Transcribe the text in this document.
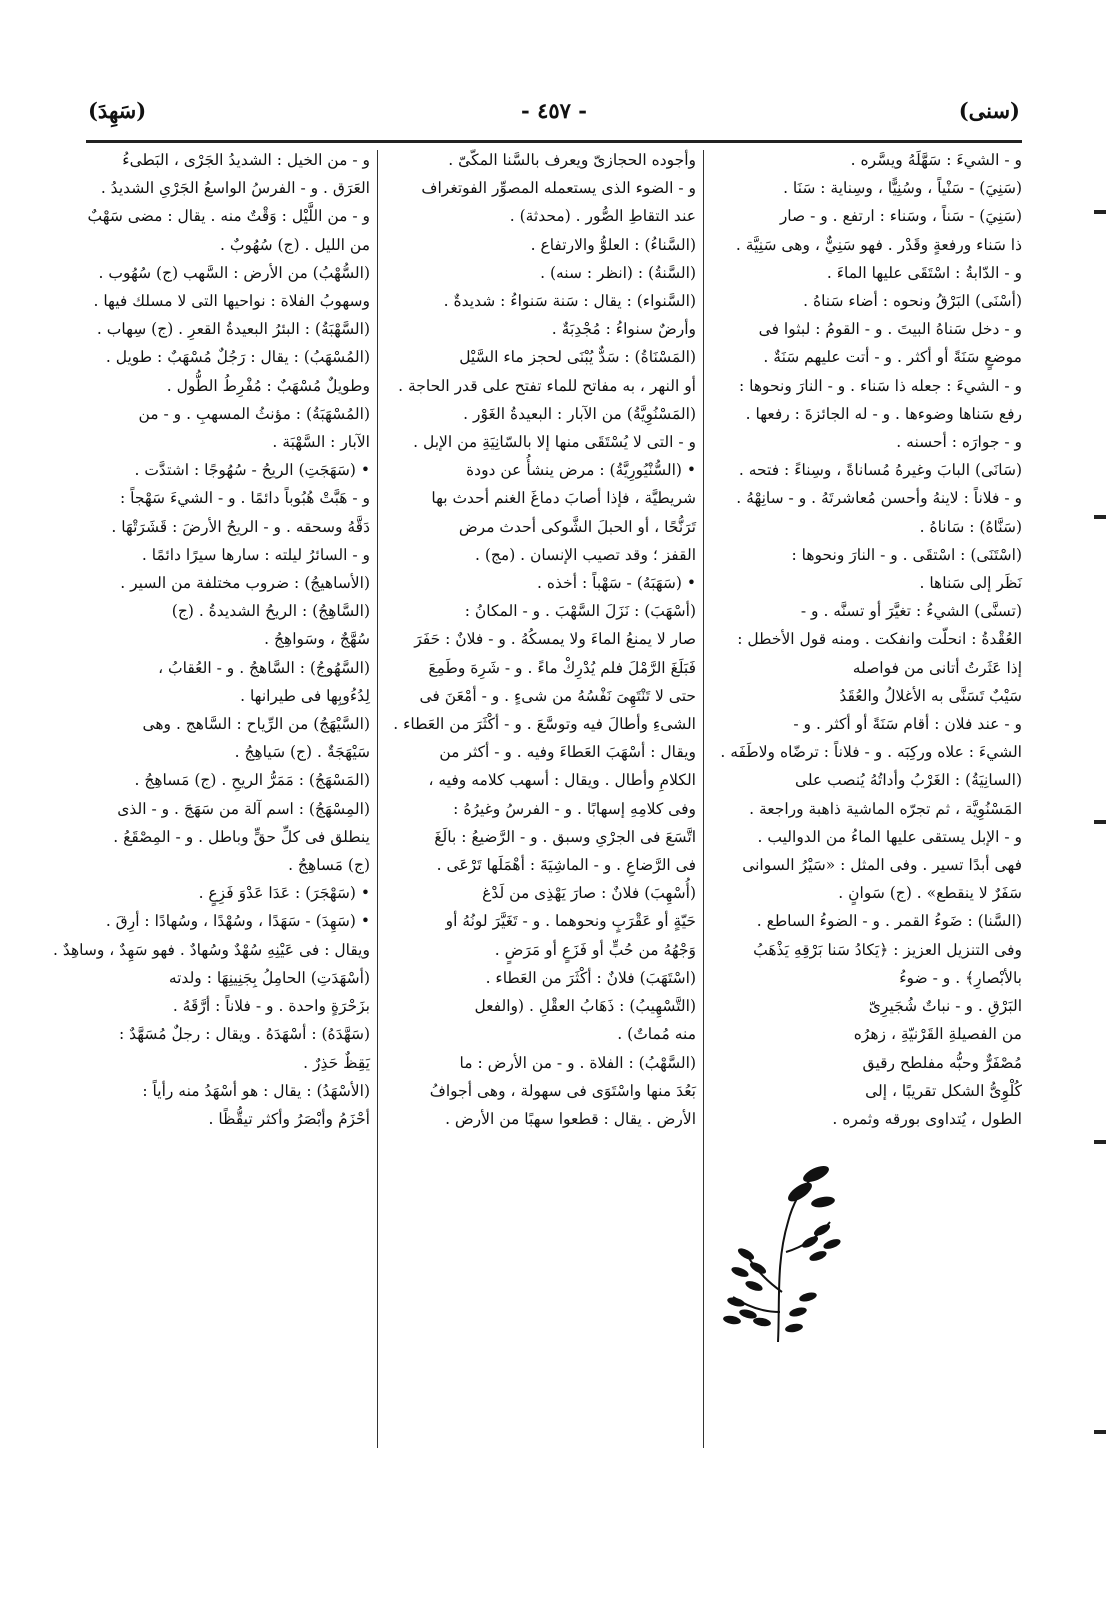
(سنى)
- ٤٥٧ -
(سَهِدَ)
و - الشيءَ : سَهَّلَهُ ويسَّره .
(سَنِيَ) - سَنْياً ، وسُنِيًّا ، وسِناية : سَنَا .
(سَنِيَ) - سَناً ، وسَناء : ارتفع . و - صار
ذا سَناء ورفعةٍ وقَدْر . فهو سَنِيٌّ ، وهى سَنِيَّة .
و - الدّابةُ : اسْتَقَى عليها الماءَ .
(أسْنَى) البَرْقُ ونحوه : أضاء سَناهُ .
و - دخل سَناهُ البيتَ . و - القومُ : لبثوا فى
موضعٍ سَنَةً أو أكثر . و - أتت عليهم سَنَةٌ .
و - الشيءَ : جعله ذا سَناء . و - النارَ ونحوها :
رفع سَناها وضوءها . و - له الجائزةَ : رفعها .
و - جوارَه : أحسنه .
(سَانَى) البابَ وغيرهُ مُساناةً ، وسِناءً : فتحه .
و - فلاناً : لاينهُ وأحسن مُعاشرتَهُ . و - سانِهْهُ .
(سَنَّاهُ) : سَاناهُ .
(اسْتَنَى) : اسْتقَى . و - النارَ ونحوها :
نَظَر إلى سَناها .
(تسنَّى) الشيءُ : تغيَّرَ أو تسنَّه . و -
العُقْدةُ : انحلّت وانفكت . ومنه قول الأخطل :
إذا عَثَرتُ أتانى من فواصله
سَيْبٌ تَسَنَّى به الأغلالُ والعُقَدُ
و - عند فلان : أقام سَنَةً أو أكثر . و -
الشيءَ : علاه وركِبَه . و - فلاناً : ترضّاه ولاطَفَه .
(السانِيَةُ) : الغَرْبُ وأداتُهُ يُنصب على
المَسْنُوِيَّة ، ثم تجرّه الماشية ذاهبة وراجعة .
و - الإبل يستقى عليها الماءُ من الدواليب .
فهى أبدًا تسير . وفى المثل : «سَيْرُ السوانى
سَفَرٌ لا ينقطع» . (ج) سَوانٍ .
(السَّنا) : ضَوءُ القمر . و - الضوءُ الساطع .
وفى التنزيل العزيز : ﴿يَكادُ سَنا بَرْقِهِ يَذْهَبُ
بالأبْصارِ﴾ . و - ضوءُ
البَرْقِ . و - نباتٌ شُجَيرِىّ
من الفصيلةِ القَرْنيّةِ ، زهرُه
مُصْفَرٌّ وحبُّه مفلطح رقيق
كُلْوِىُّ الشكل تقريبًا ، إلى
الطول ، يُتداوى بورقه وثمره .
وأجوده الحجازىّ ويعرف بالسَّنا المكّىّ .
و - الضوء الذى يستعمله المصوِّر الفوتغراف
عند التقاطِ الصُّور . (محدثة) .
(السَّناءُ) : العلوُّ والارتفاع .
(السَّنةُ) : (انظر : سنه) .
(السَّنواء) : يقال : سَنة سَنواءُ : شديدةٌ .
وأرضٌ سنواءُ : مُجْدِبَةٌ .
(المَسْنَاةُ) : سَدٌّ يُبْنَى لحجز ماء السَّيْل
أو النهر ، به مفاتح للماء تفتح على قدر الحاجة .
(المَسْنُوِيَّةُ) من الآبار : البعيدةُ الغَوْر .
و - التى لا يُسْتَقَى منها إلا بالسّانِيَةِ من الإبل .
• (السُّنْيُورِيَّةُ) : مرض ينشأُ عن دودة
شريطيَّة ، فإذا أصابَ دماغَ الغنم أحدث بها
تَرَنُّحًا ، أو الحبلَ الشَّوكى أحدث مرض
القفز ؛ وقد تصيب الإنسان . (مج) .
• (سَهَبَهُ) - سَهْباً : أخذه .
(أسْهَبَ) : نَزَلَ السَّهْبَ . و - المكانُ :
صار لا يمنعُ الماءَ ولا يمسكُهُ . و - فلانٌ : حَفَرَ
فَبَلَغَ الرَّمْلَ فلم يُدْرِكْ ماءً . و - شَرِهَ وطَمِعَ
حتى لا تَنْتَهِىَ نَفْسُهُ من شىءٍ . و - أمْعَنَ فى
الشىءِ وأطالَ فيه وتوسَّعَ . و - أكْثَرَ من العَطاء .
ويقال : أسْهَبَ العَطاءَ وفيه . و - أكثر من
الكلامِ وأطال . ويقال : أسهب كلامه وفيه ،
وفى كلامِهِ إسهابًا . و - الفرسُ وغيرُهُ :
اتَّسَعَ فى الجرْىِ وسبق . و - الرَّضيعُ : بالَغَ
فى الرَّضاعِ . و - الماشِيَةَ : أهْمَلَها تَرْعَى .
(أُسْهِبَ) فلانٌ : صارَ يَهْذِى من لَدْغ
حَيّةٍ أو عَقْرَبٍ ونحوهما . و - تَغَيَّرَ لونُهُ أو
وَجْهُهُ من حُبٍّ أو فَزَعٍ أو مَرَضٍ .
(اسْتَهَبَ) فلانٌ : أكْثَرَ من العَطاء .
(التَّسْهِيبُ) : ذَهَابُ العقْلِ . (والفعل
منه مُماتٌ) .
(السَّهْبُ) : الفلاة . و - من الأرض : ما
بَعُدَ منها واسْتَوَى فى سهولة ، وهى أجوافُ
الأرض . يقال : قطعوا سهبًا من الأرض .
و - من الخيل : الشديدُ الجَرْى ، البَطىءُ
العَرَق . و - الفرسُ الواسعُ الجَرْىِ الشديدُ .
و - من اللَّيْل : وَقْتٌ منه . يقال : مضى سَهْبٌ
من الليل . (ج) سُهُوبٌ .
(السُّهْبُ) من الأرض : السَّهب (ج) سُهُوب .
وسهوبُ الفلاة : نواحيها التى لا مسلك فيها .
(السَّهْبَةُ) : البئرُ البعيدةُ القعرِ . (ج) سِهاب .
(المُسْهَبُ) : يقال : رَجُلٌ مُسْهَبٌ : طويل .
وطويلٌ مُسْهَبٌ : مُفْرِطُ الطُّول .
(المُسْهَبَةُ) : مؤنثُ المسهبِ . و - من
الآبار : السَّهْبَة .
• (سَهَجَتِ) الريحُ - سُهُوجًا : اشتدَّت .
و - هَبَّتْ هُبُوباً دائمًا . و - الشيءَ سَهْجاً :
دَقَّهُ وسحقه . و - الريحُ الأرضَ : قَشَرَتْهَا .
و - السائرُ ليلته : سارها سيرًا دائمًا .
(الأساهيجُ) : ضروب مختلفة من السير .
(السَّاهِجُ) : الريحُ الشديدةُ . (ج)
سُهَّجٌ ، وسَواهِجُ .
(السَّهُوجُ) : السَّاهجُ . و - العُقابُ ،
لِدُءُوبِها فى طيرانها .
(السَّيْهَجُ) من الرِّياح : السَّاهج . وهى
سَيْهَجَةٌ . (ج) سَياهِجُ .
(المَسْهَجُ) : مَمَرُّ الريحِ . (ج) مَساهِجُ .
(المِسْهَجُ) : اسم آلة من سَهَجَ . و - الذى
ينطلق فى كلِّ حقٍّ وباطل . و - المِصْقَعُ .
(ج) مَساهِجُ .
• (سَهْجَرَ) : عَدَا عَدْوَ فَزِعٍ .
• (سَهِدَ) - سَهَدًا ، وسُهْدًا ، وسُهادًا : أرِقَ .
ويقال : فى عَيْنِهِ سُهْدٌ وسُهادٌ . فهو سَهِدٌ ، وساهِدٌ .
(أسْهَدَتِ) الحامِلُ بِجَنِينِهَا : ولدته
بزَحْرَةٍ واحدة . و - فلاناً : أرَّقَهُ .
(سَهَّدَهُ) : أسْهَدَهُ . ويقال : رجلٌ مُسَهَّدٌ :
يَقِظٌ حَذِرٌ .
(الأسْهَدُ) : يقال : هو أسْهَدُ منه رأياً :
أحْزَمُ وأبْصَرُ وأكثر تيقُّظًا .
